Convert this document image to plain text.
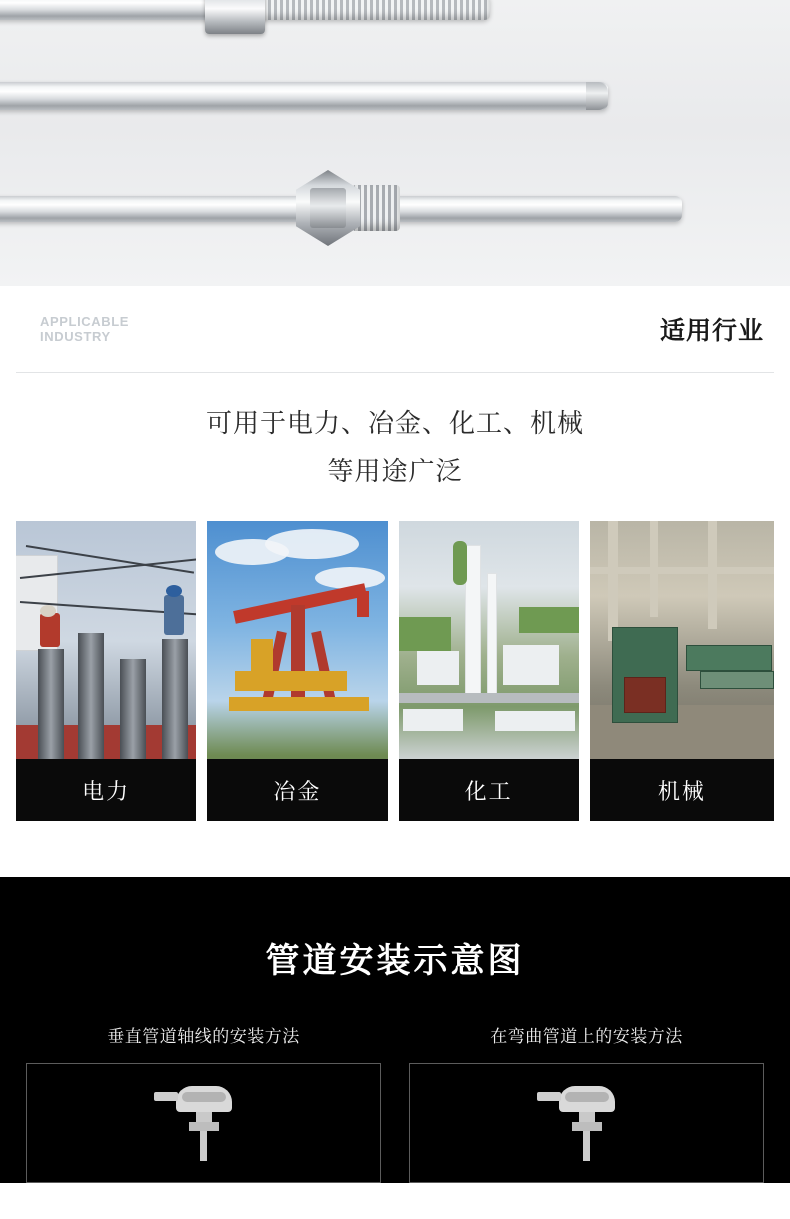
APPLICABLE
INDUSTRY	适用行业
可用于电力、冶金、化工、机械
等用途广泛
电力	冶金	化工	机械
管道安装示意图
垂直管道轴线的安装方法	在弯曲管道上的安装方法
